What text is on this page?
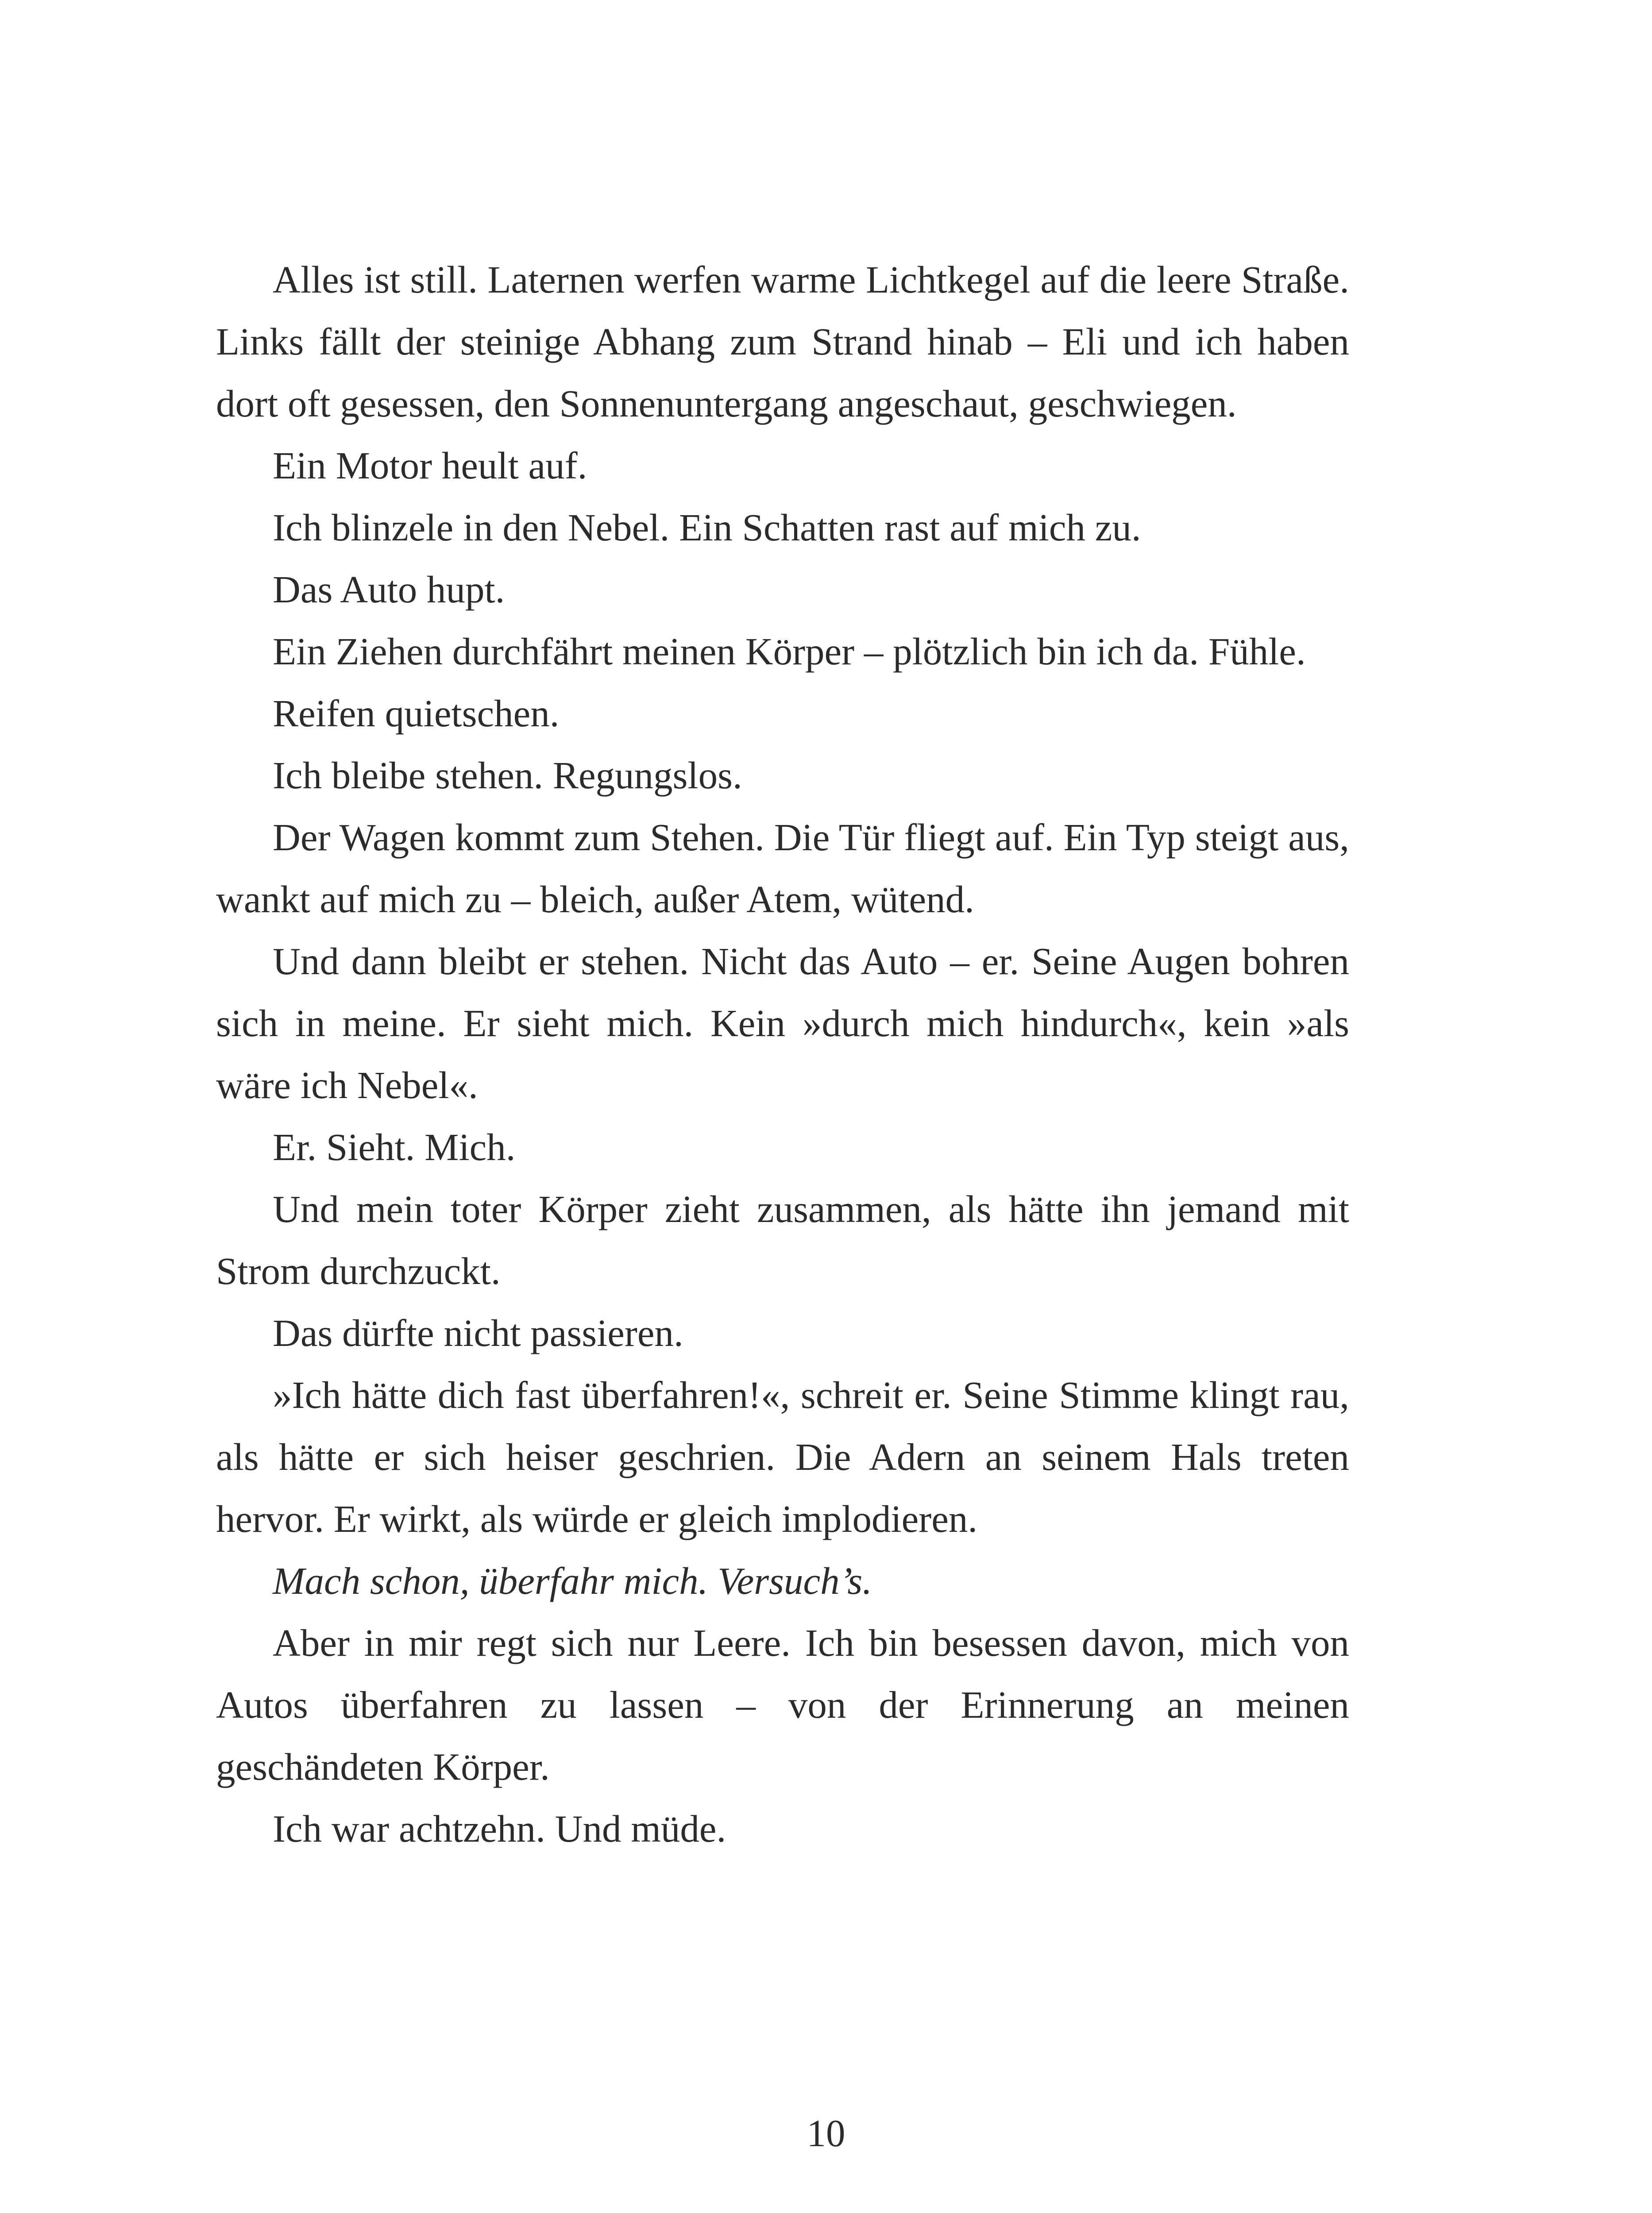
Alles ist still. Laternen werfen warme Lichtkegel auf die leere Straße. Links fällt der steinige Abhang zum Strand hinab – Eli und ich haben dort oft gesessen, den Sonnenuntergang angeschaut, geschwiegen.

Ein Motor heult auf.

Ich blinzele in den Nebel. Ein Schatten rast auf mich zu.

Das Auto hupt.

Ein Ziehen durchfährt meinen Körper – plötzlich bin ich da. Fühle.

Reifen quietschen.

Ich bleibe stehen. Regungslos.

Der Wagen kommt zum Stehen. Die Tür fliegt auf. Ein Typ steigt aus, wankt auf mich zu – bleich, außer Atem, wütend.

Und dann bleibt er stehen. Nicht das Auto – er. Seine Augen bohren sich in meine. Er sieht mich. Kein »durch mich hindurch«, kein »als wäre ich Nebel«.

Er. Sieht. Mich.

Und mein toter Körper zieht zusammen, als hätte ihn jemand mit Strom durchzuckt.

Das dürfte nicht passieren.

»Ich hätte dich fast überfahren!«, schreit er. Seine Stimme klingt rau, als hätte er sich heiser geschrien. Die Adern an seinem Hals treten hervor. Er wirkt, als würde er gleich implodieren.

Mach schon, überfahr mich. Versuch’s.

Aber in mir regt sich nur Leere. Ich bin besessen davon, mich von Autos überfahren zu lassen – von der Erinnerung an meinen geschändeten Körper.

Ich war achtzehn. Und müde.

10
